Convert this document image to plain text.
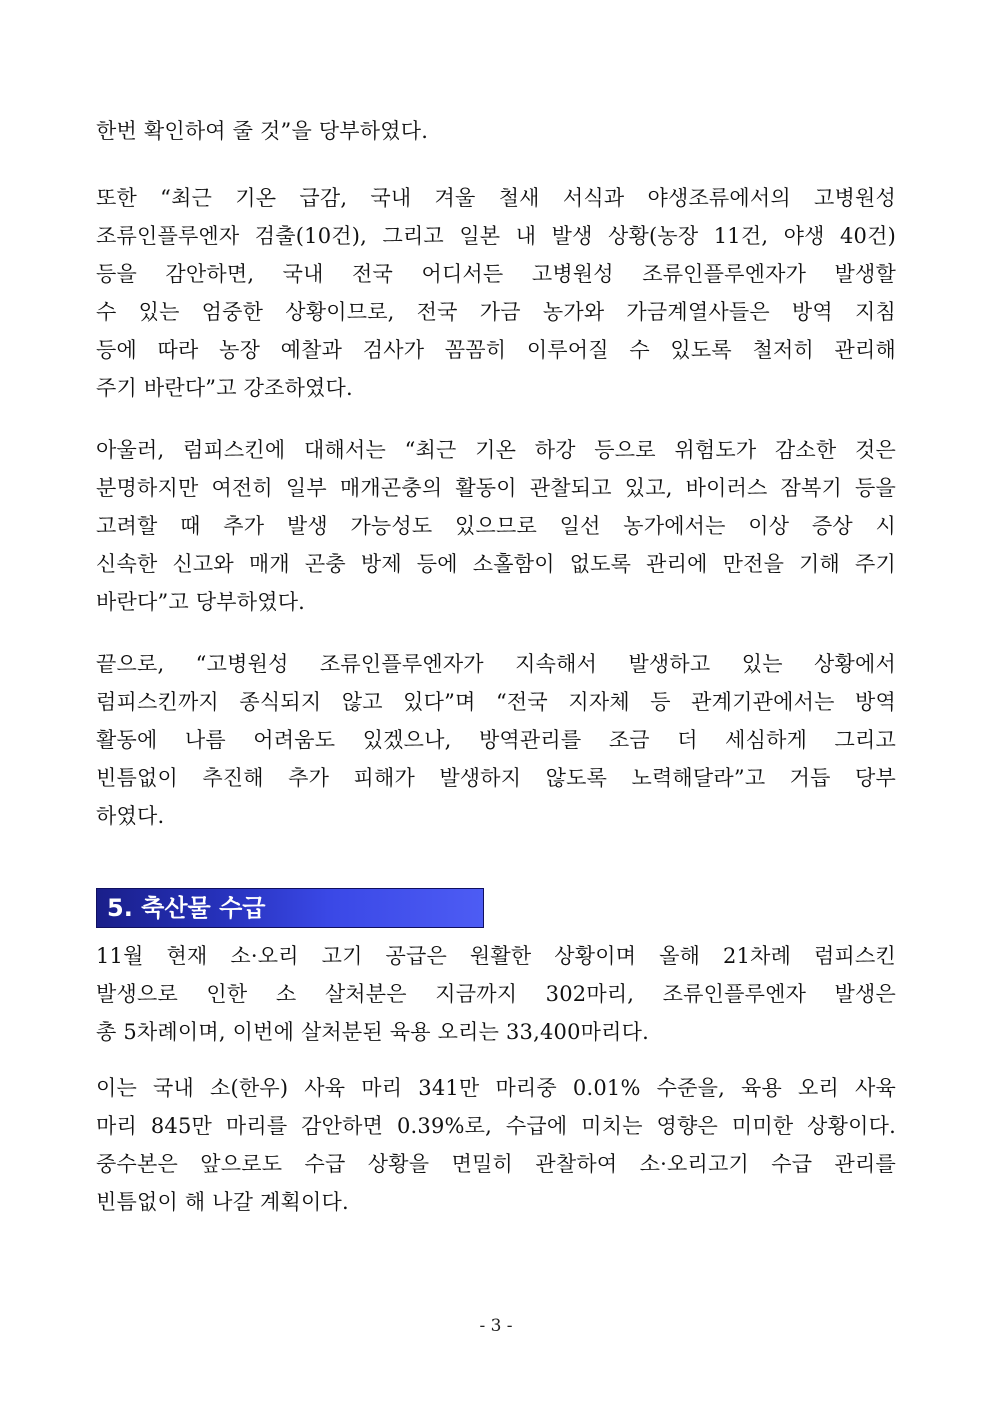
한번 확인하여 줄 것”을 당부하였다.
또한 “최근 기온 급감, 국내 겨울 철새 서식과 야생조류에서의 고병원성
조류인플루엔자 검출(10건), 그리고 일본 내 발생 상황(농장 11건, 야생 40건)
등을 감안하면, 국내 전국 어디서든 고병원성 조류인플루엔자가 발생할
수 있는 엄중한 상황이므로, 전국 가금 농가와 가금계열사들은 방역 지침
등에 따라 농장 예찰과 검사가 꼼꼼히 이루어질 수 있도록 철저히 관리해
주기 바란다”고 강조하였다.
아울러, 럼피스킨에 대해서는 “최근 기온 하강 등으로 위험도가 감소한 것은
분명하지만 여전히 일부 매개곤충의 활동이 관찰되고 있고, 바이러스 잠복기 등을
고려할 때 추가 발생 가능성도 있으므로 일선 농가에서는 이상 증상 시
신속한 신고와 매개 곤충 방제 등에 소홀함이 없도록 관리에 만전을 기해 주기
바란다”고 당부하였다.
끝으로, “고병원성 조류인플루엔자가 지속해서 발생하고 있는 상황에서
럼피스킨까지 종식되지 않고 있다”며 “전국 지자체 등 관계기관에서는 방역
활동에 나름 어려움도 있겠으나, 방역관리를 조금 더 세심하게 그리고
빈틈없이 추진해 추가 피해가 발생하지 않도록 노력해달라”고 거듭 당부
하였다.
5. 축산물 수급
11월 현재 소·오리 고기 공급은 원활한 상황이며 올해 21차례 럼피스킨
발생으로 인한 소 살처분은 지금까지 302마리, 조류인플루엔자 발생은
총 5차례이며, 이번에 살처분된 육용 오리는 33,400마리다.
이는 국내 소(한우) 사육 마리 341만 마리중 0.01% 수준을, 육용 오리 사육
마리 845만 마리를 감안하면 0.39%로, 수급에 미치는 영향은 미미한 상황이다.
중수본은 앞으로도 수급 상황을 면밀히 관찰하여 소·오리고기 수급 관리를
빈틈없이 해 나갈 계획이다.
- 3 -
